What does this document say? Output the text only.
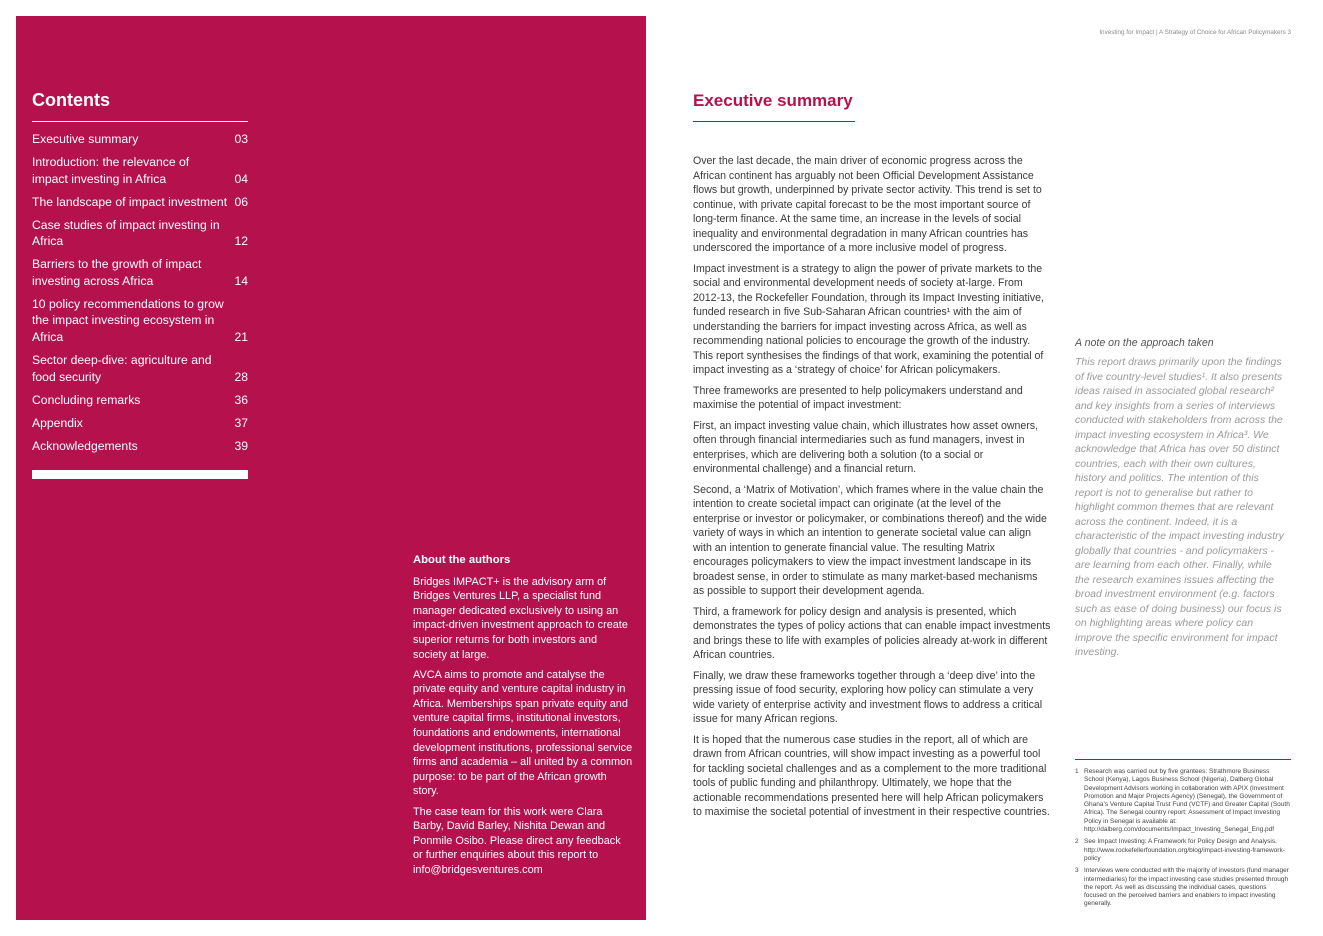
Contents
Executive summary	03
Introduction: the relevance of impact investing in Africa	04
The landscape of impact investment 06
Case studies of impact investing in Africa	12
Barriers to the growth of impact investing across Africa	14
10 policy recommendations to grow the impact investing ecosystem in Africa	21
Sector deep-dive: agriculture and food security	28
Concluding remarks	36
Appendix	37
Acknowledgements	39
About the authors

Bridges IMPACT+ is the advisory arm of Bridges Ventures LLP, a specialist fund manager dedicated exclusively to using an impact-driven investment approach to create superior returns for both investors and society at large.

AVCA aims to promote and catalyse the private equity and venture capital industry in Africa. Memberships span private equity and venture capital firms, institutional investors, foundations and endowments, international development institutions, professional service firms and academia – all united by a common purpose: to be part of the African growth story.

The case team for this work were Clara Barby, David Barley, Nishita Dewan and Ponmile Osibo. Please direct any feedback or further enquiries about this report to info@bridgesventures.com

Investing for Impact | A Strategy of Choice for African Policymakers 3
Executive summary

Over the last decade, the main driver of economic progress across the African continent has arguably not been Official Development Assistance flows but growth, underpinned by private sector activity. This trend is set to continue, with private capital forecast to be the most important source of long-term finance. At the same time, an increase in the levels of social inequality and environmental degradation in many African countries has underscored the importance of a more inclusive model of progress.

Impact investment is a strategy to align the power of private markets to the social and environmental development needs of society at-large. From 2012-13, the Rockefeller Foundation, through its Impact Investing initiative, funded research in five Sub-Saharan African countries¹ with the aim of understanding the barriers for impact investing across Africa, as well as recommending national policies to encourage the growth of the industry. This report synthesises the findings of that work, examining the potential of impact investing as a ‘strategy of choice’ for African policymakers.

Three frameworks are presented to help policymakers understand and maximise the potential of impact investment:

First, an impact investing value chain, which illustrates how asset owners, often through financial intermediaries such as fund managers, invest in enterprises, which are delivering both a solution (to a social or environmental challenge) and a financial return.

Second, a ‘Matrix of Motivation’, which frames where in the value chain the intention to create societal impact can originate (at the level of the enterprise or investor or policymaker, or combinations thereof) and the wide variety of ways in which an intention to generate societal value can align with an intention to generate financial value. The resulting Matrix encourages policymakers to view the impact investment landscape in its broadest sense, in order to stimulate as many market-based mechanisms as possible to support their development agenda.

Third, a framework for policy design and analysis is presented, which demonstrates the types of policy actions that can enable impact investments and brings these to life with examples of policies already at-work in different African countries.

Finally, we draw these frameworks together through a ‘deep dive’ into the pressing issue of food security, exploring how policy can stimulate a very wide variety of enterprise activity and investment flows to address a critical issue for many African regions.

It is hoped that the numerous case studies in the report, all of which are drawn from African countries, will show impact investing as a powerful tool for tackling societal challenges and as a complement to the more traditional tools of public funding and philanthropy. Ultimately, we hope that the actionable recommendations presented here will help African policymakers to maximise the societal potential of investment in their respective countries.

A note on the approach taken

This report draws primarily upon the findings of five country-level studies¹. It also presents ideas raised in associated global research² and key insights from a series of interviews conducted with stakeholders from across the impact investing ecosystem in Africa³. We acknowledge that Africa has over 50 distinct countries, each with their own cultures, history and politics. The intention of this report is not to generalise but rather to highlight common themes that are relevant across the continent. Indeed, it is a characteristic of the impact investing industry globally that countries - and policymakers - are learning from each other. Finally, while the research examines issues affecting the broad investment environment (e.g. factors such as ease of doing business) our focus is on highlighting areas where policy can improve the specific environment for impact investing.

1 Research was carried out by five grantees: Strathmore Business School (Kenya), Lagos Business School (Nigeria), Dalberg Global Development Advisors working in collaboration with APIX (Investment Promotion and Major Projects Agency) (Senegal), the Government of Ghana’s Venture Capital Trust Fund (VCTF) and Greater Capital (South Africa). The Senegal country report: Assessment of Impact Investing Policy in Senegal is available at: http://dalberg.com/documents/Impact_Investing_Senegal_Eng.pdf
2 See Impact Investing: A Framework for Policy Design and Analysis. http://www.rockefellerfoundation.org/blog/impact-investing-framework-policy
3 Interviews were conducted with the majority of investors (fund manager intermediaries) for the impact investing case studies presented through the report. As well as discussing the individual cases, questions focused on the perceived barriers and enablers to impact investing generally.
